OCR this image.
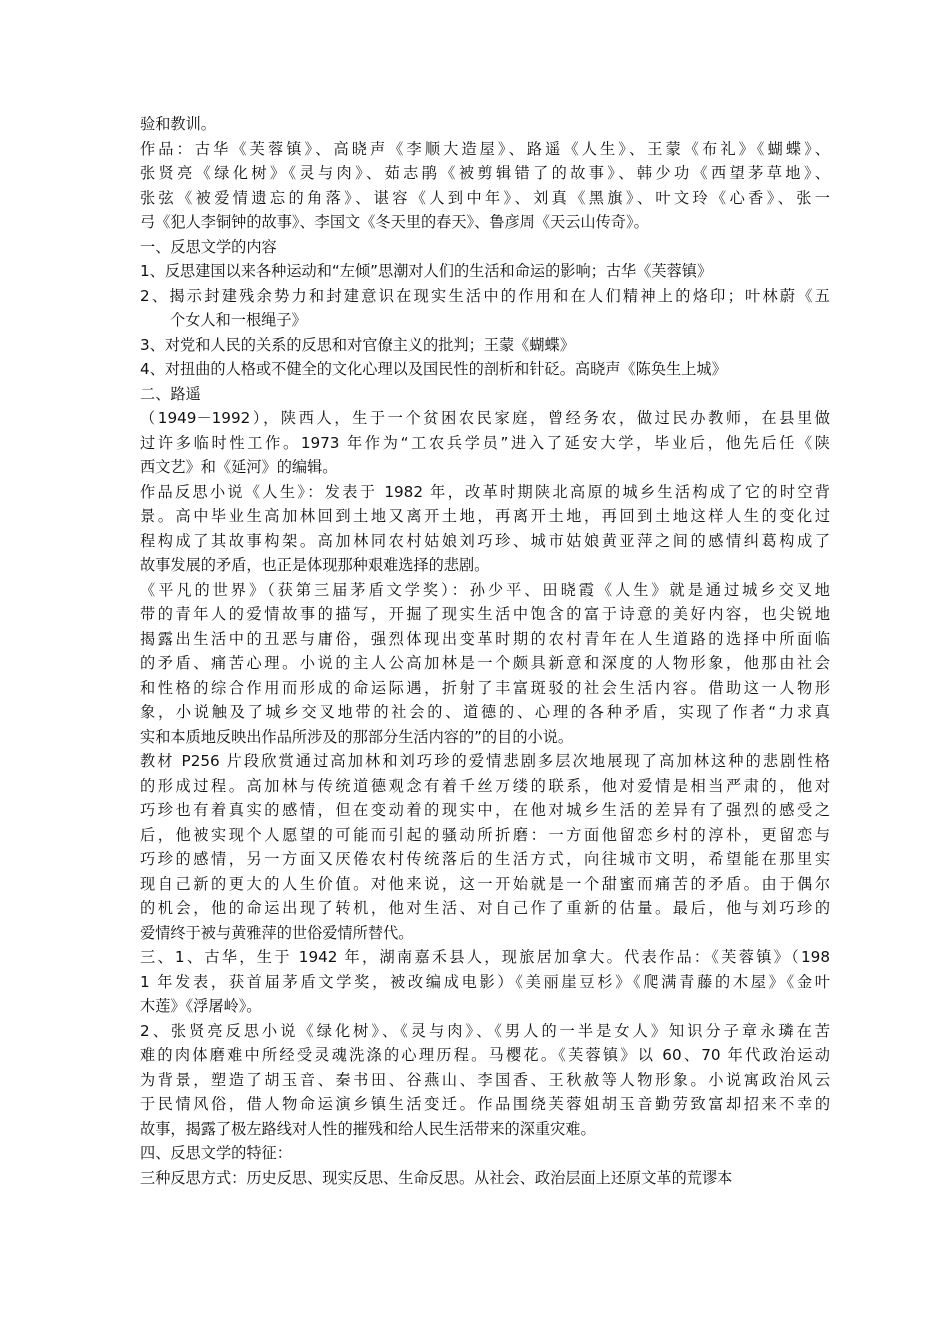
验和教训。

作品：古华《芙蓉镇》、高晓声《李顺大造屋》、路遥《人生》、王蒙《布礼》《蝴蝶》、

张贤亮《绿化树》《灵与肉》、茹志鹃《被剪辑错了的故事》、韩少功《西望茅草地》、

张弦《被爱情遗忘的角落》、谌容《人到中年》、刘真《黑旗》、叶文玲《心香》、张一

弓《犯人李铜钟的故事》、李国文《冬天里的春天》、鲁彦周《天云山传奇》。

一、反思文学的内容

1、反思建国以来各种运动和“左倾”思潮对人们的生活和命运的影响；古华《芙蓉镇》

2、揭示封建残余势力和封建意识在现实生活中的作用和在人们精神上的烙印；叶林蔚《五

个女人和一根绳子》

3、对党和人民的关系的反思和对官僚主义的批判；王蒙《蝴蝶》

4、对扭曲的人格或不健全的文化心理以及国民性的剖析和针砭。高晓声《陈奂生上城》

二、路遥

（1949－1992），陕西人，生于一个贫困农民家庭，曾经务农，做过民办教师，在县里做

过许多临时性工作。1973 年作为“工农兵学员”进入了延安大学，毕业后，他先后任《陕

西文艺》和《延河》的编辑。

作品反思小说《人生》：发表于 1982 年，改革时期陕北高原的城乡生活构成了它的时空背

景。高中毕业生高加林回到土地又离开土地，再离开土地，再回到土地这样人生的变化过

程构成了其故事构架。高加林同农村姑娘刘巧珍、城市姑娘黄亚萍之间的感情纠葛构成了

故事发展的矛盾，也正是体现那种艰难选择的悲剧。

《平凡的世界》（获第三届茅盾文学奖）：孙少平、田晓霞《人生》就是通过城乡交叉地

带的青年人的爱情故事的描写，开掘了现实生活中饱含的富于诗意的美好内容，也尖锐地

揭露出生活中的丑恶与庸俗，强烈体现出变革时期的农村青年在人生道路的选择中所面临

的矛盾、痛苦心理。小说的主人公高加林是一个颇具新意和深度的人物形象，他那由社会

和性格的综合作用而形成的命运际遇，折射了丰富斑驳的社会生活内容。借助这一人物形

象，小说触及了城乡交叉地带的社会的、道德的、心理的各种矛盾，实现了作者“力求真

实和本质地反映出作品所涉及的那部分生活内容的”的目的小说。

教材 P256 片段欣赏通过高加林和刘巧珍的爱情悲剧多层次地展现了高加林这种的悲剧性格

的形成过程。高加林与传统道德观念有着千丝万缕的联系，他对爱情是相当严肃的，他对

巧珍也有着真实的感情，但在变动着的现实中，在他对城乡生活的差异有了强烈的感受之

后，他被实现个人愿望的可能而引起的骚动所折磨：一方面他留恋乡村的淳朴，更留恋与

巧珍的感情，另一方面又厌倦农村传统落后的生活方式，向往城市文明，希望能在那里实

现自己新的更大的人生价值。对他来说，这一开始就是一个甜蜜而痛苦的矛盾。由于偶尔

的机会，他的命运出现了转机，他对生活、对自己作了重新的估量。最后，他与刘巧珍的

爱情终于被与黄雅萍的世俗爱情所替代。

三、1、古华，生于 1942 年，湖南嘉禾县人，现旅居加拿大。代表作品：《芙蓉镇》（198

1 年发表，获首届茅盾文学奖，被改编成电影）《美丽崖豆杉》《爬满青藤的木屋》《金叶

木莲》《浮屠岭》。

2、张贤亮反思小说《绿化树》、《灵与肉》、《男人的一半是女人》知识分子章永璘在苦

难的肉体磨难中所经受灵魂洗涤的心理历程。马樱花。《芙蓉镇》以 60、70 年代政治运动

为背景，塑造了胡玉音、秦书田、谷燕山、李国香、王秋赦等人物形象。小说寓政治风云

于民情风俗，借人物命运演乡镇生活变迁。作品围绕芙蓉姐胡玉音勤劳致富却招来不幸的

故事，揭露了极左路线对人性的摧残和给人民生活带来的深重灾难。

四、反思文学的特征：

三种反思方式：历史反思、现实反思、生命反思。从社会、政治层面上还原文革的荒谬本
